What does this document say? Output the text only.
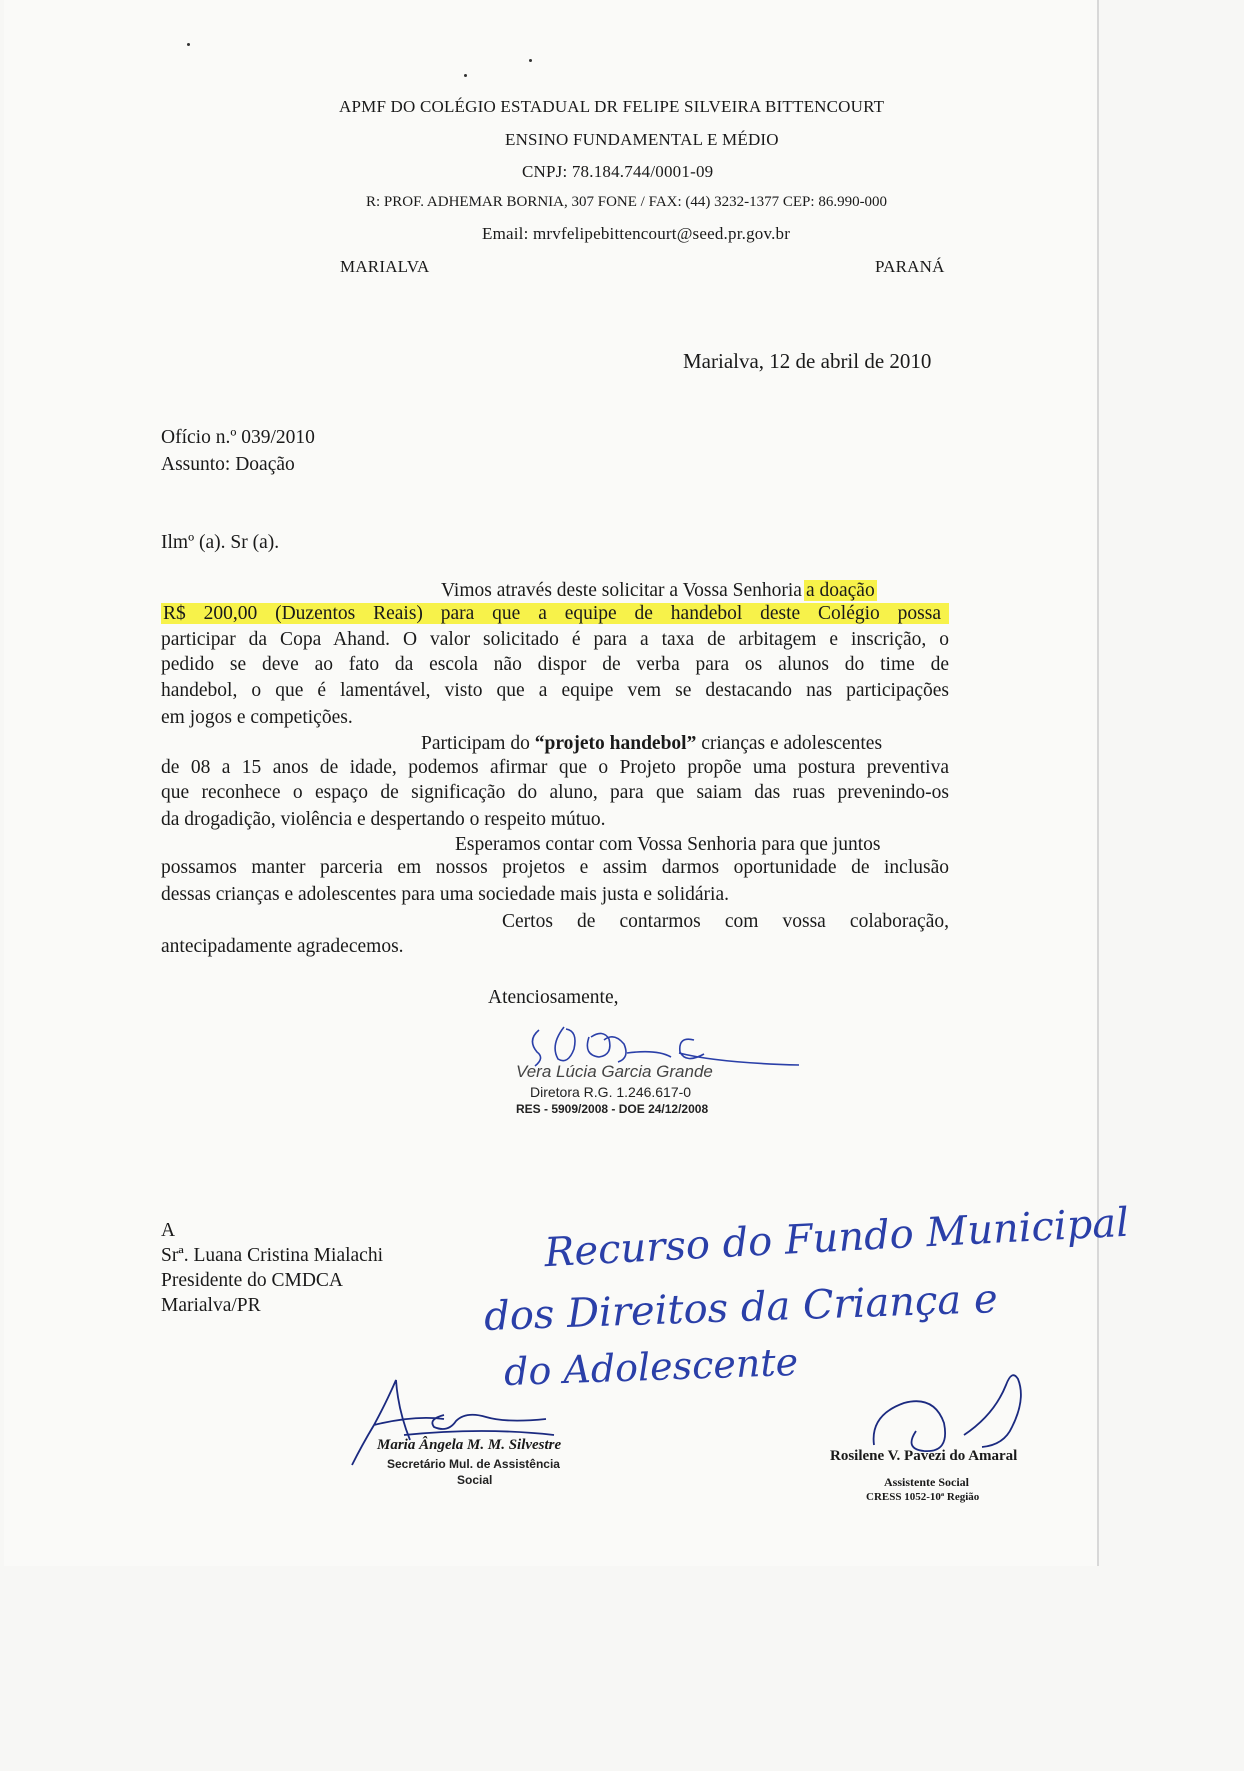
APMF DO COLÉGIO ESTADUAL DR FELIPE SILVEIRA BITTENCOURT
ENSINO FUNDAMENTAL E MÉDIO
CNPJ: 78.184.744/0001-09
R: PROF. ADHEMAR BORNIA, 307 FONE / FAX: (44) 3232-1377 CEP: 86.990-000
Email: mrvfelipebittencourt@seed.pr.gov.br
MARIALVA	PARANÁ
Marialva, 12 de abril de 2010
Ofício n.º 039/2010
Assunto: Doação
Ilmº (a). Sr (a).
Vimos através deste solicitar a Vossa Senhoria a doação
R$ 200,00 (Duzentos Reais) para que a equipe de handebol deste Colégio possa
participar da Copa Ahand. O valor solicitado é para a taxa de arbitagem e inscrição, o
pedido se deve ao fato da escola não dispor de verba para os alunos do time de
handebol, o que é lamentável, visto que a equipe vem se destacando nas participações
em jogos e competições.
Participam do “projeto handebol” crianças e adolescentes
de 08 a 15 anos de idade, podemos afirmar que o Projeto propõe uma postura preventiva
que reconhece o espaço de significação do aluno, para que saiam das ruas prevenindo-os
da drogadição, violência e despertando o respeito mútuo.
Esperamos contar com Vossa Senhoria para que juntos
possamos manter parceria em nossos projetos e assim darmos oportunidade de inclusão
dessas crianças e adolescentes para uma sociedade mais justa e solidária.
Certos de contarmos com vossa colaboração,
antecipadamente agradecemos.
Atenciosamente,
Vera Lúcia Garcia Grande
Diretora R.G. 1.246.617-0
RES - 5909/2008 - DOE 24/12/2008
A
Srª. Luana Cristina Mialachi
Presidente do CMDCA
Marialva/PR
Recurso do Fundo Municipal
dos Direitos da Criança e
do Adolescente
Maria Ângela M. M. Silvestre
Secretário Mul. de Assistência
Social
Rosilene V. Pavezi do Amaral
Assistente Social
CRESS 1052-10ª Região
